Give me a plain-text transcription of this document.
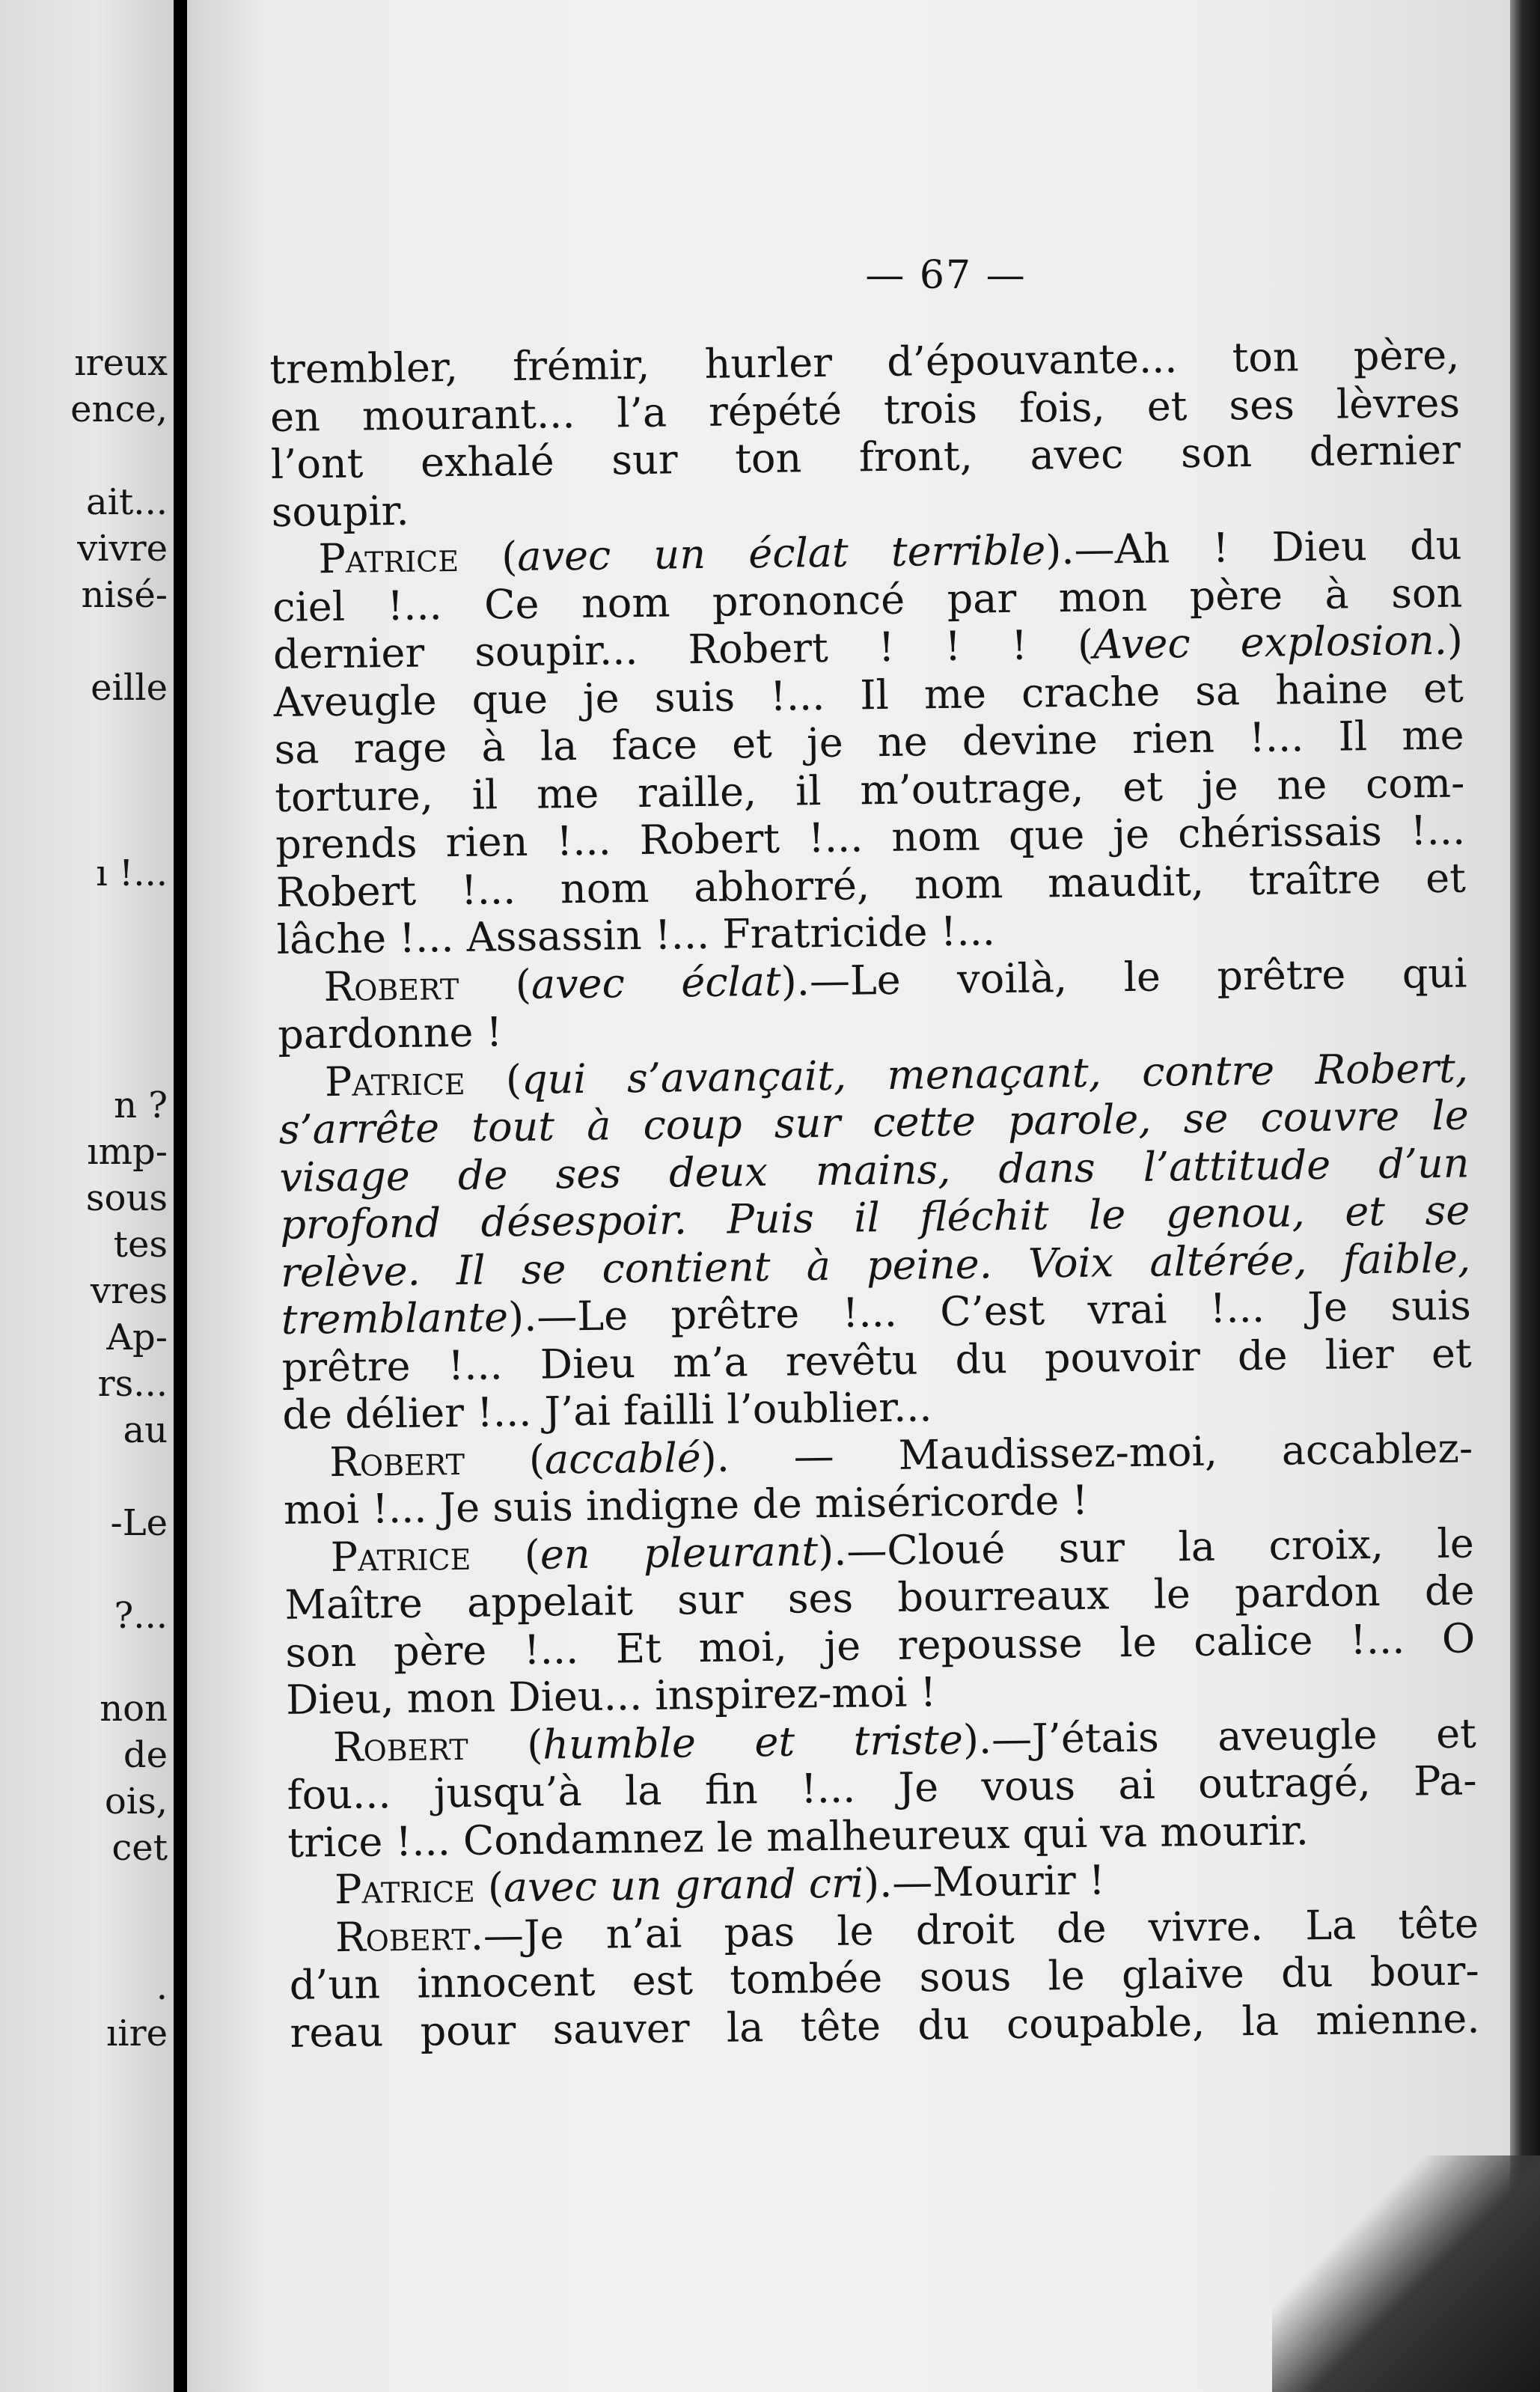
ıreux
ence,
ait...
vivre
nisé-
eille
ı !...
n ?
ımp-
sous
tes
vres
Ap-
rs...
au
-Le
?...
non
de
ois,
cet
.
ıire
— 67 —
trembler, frémir, hurler d’épouvante... ton père,
en mourant... l’a répété trois fois, et ses lèvres
l’ont exhalé sur ton front, avec son dernier
soupir.
Patrice (avec un éclat terrible).—Ah ! Dieu du
ciel !... Ce nom prononcé par mon père à son
dernier soupir... Robert ! ! ! (Avec explosion.)
Aveugle que je suis !... Il me crache sa haine et
sa rage à la face et je ne devine rien !... Il me
torture, il me raille, il m’outrage, et je ne com-
prends rien !... Robert !... nom que je chérissais !...
Robert !... nom abhorré, nom maudit, traître et
lâche !... Assassin !... Fratricide !...
Robert (avec éclat).—Le voilà, le prêtre qui
pardonne !
Patrice (qui s’avançait, menaçant, contre Robert,
s’arrête tout à coup sur cette parole, se couvre le
visage de ses deux mains, dans l’attitude d’un
profond désespoir. Puis il fléchit le genou, et se
relève. Il se contient à peine. Voix altérée, faible,
tremblante).—Le prêtre !... C’est vrai !... Je suis
prêtre !... Dieu m’a revêtu du pouvoir de lier et
de délier !... J’ai failli l’oublier...
Robert (accablé). — Maudissez-moi, accablez-
moi !... Je suis indigne de miséricorde !
Patrice (en pleurant).—Cloué sur la croix, le
Maître appelait sur ses bourreaux le pardon de
son père !... Et moi, je repousse le calice !... O
Dieu, mon Dieu... inspirez-moi !
Robert (humble et triste).—J’étais aveugle et
fou... jusqu’à la fin !... Je vous ai outragé, Pa-
trice !... Condamnez le malheureux qui va mourir.
Patrice (avec un grand cri).—Mourir !
Robert.—Je n’ai pas le droit de vivre. La tête
d’un innocent est tombée sous le glaive du bour-
reau pour sauver la tête du coupable, la mienne.
